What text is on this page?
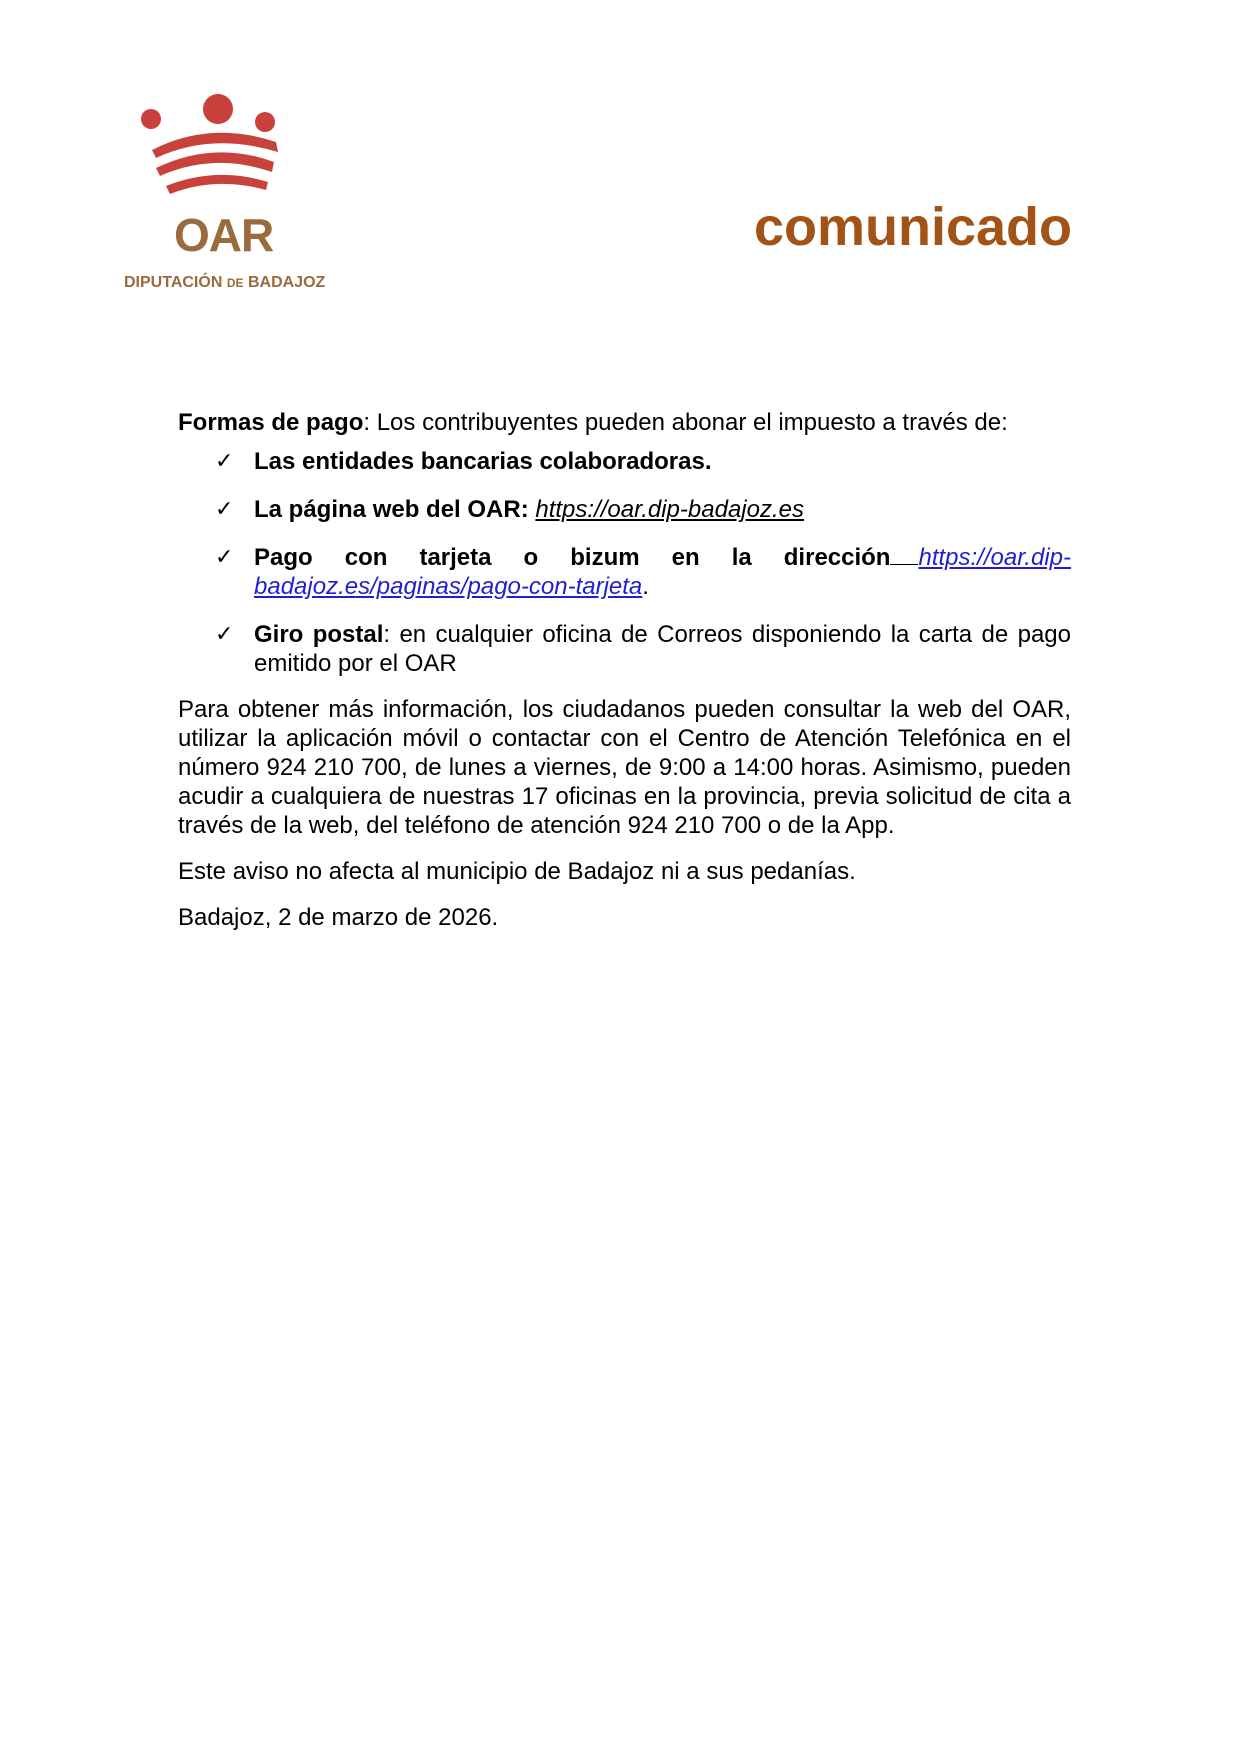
OAR
DIPUTACIÓN DE BADAJOZ
comunicado

Formas de pago: Los contribuyentes pueden abonar el impuesto a través de:

✓ Las entidades bancarias colaboradoras.
✓ La página web del OAR: https://oar.dip-badajoz.es
✓ Pago con tarjeta o bizum en la dirección https://oar.dip-badajoz.es/paginas/pago-con-tarjeta.
✓ Giro postal: en cualquier oficina de Correos disponiendo la carta de pago emitido por el OAR

Para obtener más información, los ciudadanos pueden consultar la web del OAR, utilizar la aplicación móvil o contactar con el Centro de Atención Telefónica en el número 924 210 700, de lunes a viernes, de 9:00 a 14:00 horas. Asimismo, pueden acudir a cualquiera de nuestras 17 oficinas en la provincia, previa solicitud de cita a través de la web, del teléfono de atención 924 210 700 o de la App.

Este aviso no afecta al municipio de Badajoz ni a sus pedanías.

Badajoz, 2 de marzo de 2026.
